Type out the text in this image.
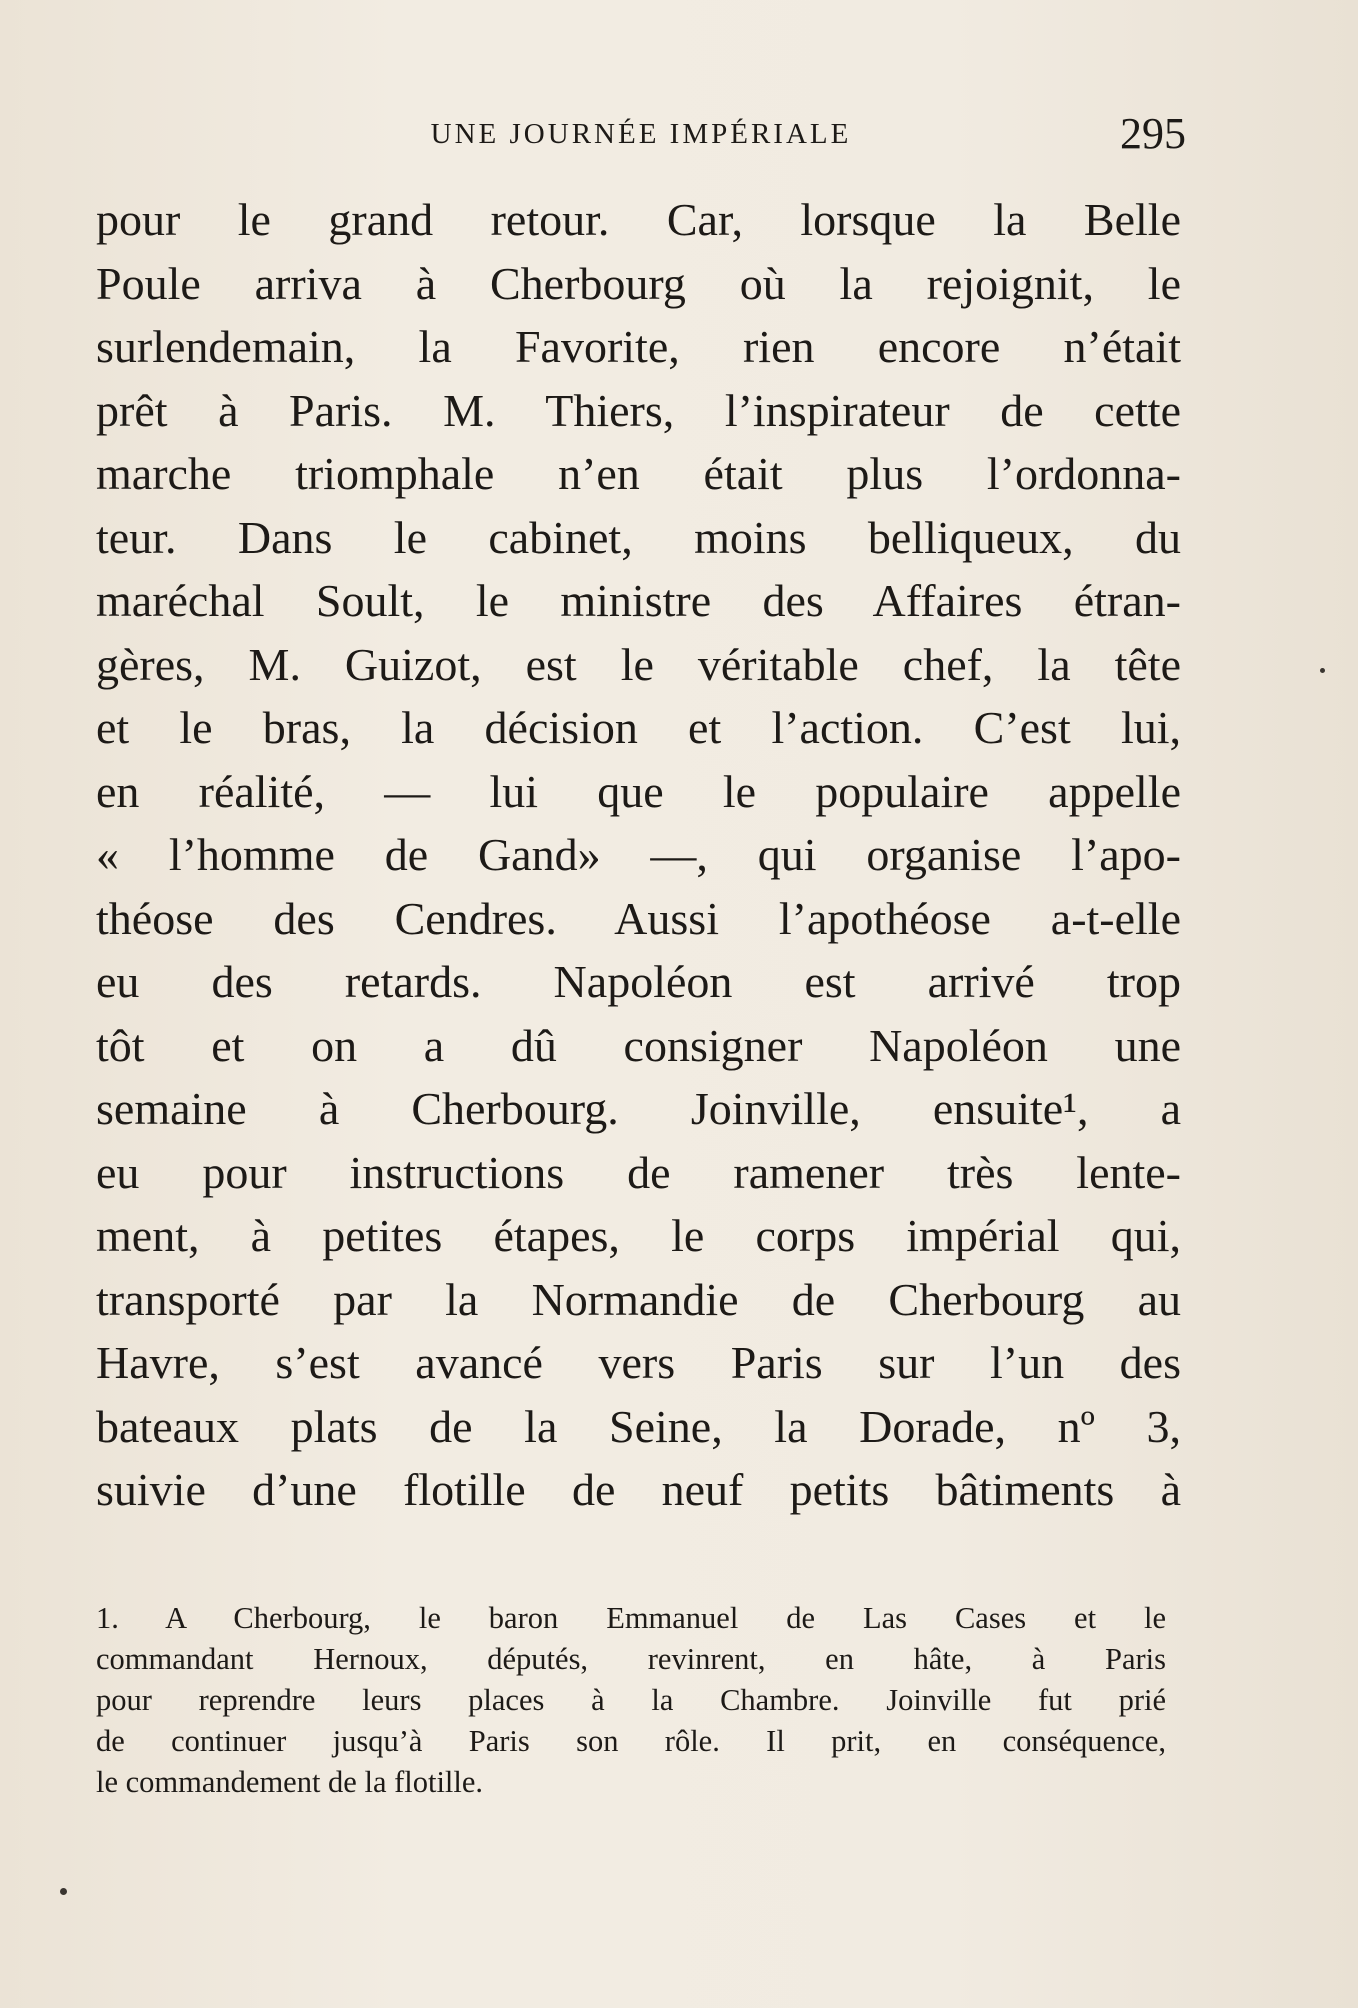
UNE JOURNÉE IMPÉRIALE	295
pour le grand retour. Car, lorsque la Belle
Poule arriva à Cherbourg où la rejoignit, le
surlendemain, la Favorite, rien encore n’était
prêt à Paris. M. Thiers, l’inspirateur de cette
marche triomphale n’en était plus l’ordonna-
teur. Dans le cabinet, moins belliqueux, du
maréchal Soult, le ministre des Affaires étran-
gères, M. Guizot, est le véritable chef, la tête
et le bras, la décision et l’action. C’est lui,
en réalité, — lui que le populaire appelle
« l’homme de Gand» —, qui organise l’apo-
théose des Cendres. Aussi l’apothéose a-t-elle
eu des retards. Napoléon est arrivé trop
tôt et on a dû consigner Napoléon une
semaine à Cherbourg. Joinville, ensuite¹, a
eu pour instructions de ramener très lente-
ment, à petites étapes, le corps impérial qui,
transporté par la Normandie de Cherbourg au
Havre, s’est avancé vers Paris sur l’un des
bateaux plats de la Seine, la Dorade, nº 3,
suivie d’une flotille de neuf petits bâtiments à
1. A Cherbourg, le baron Emmanuel de Las Cases et le
commandant Hernoux, députés, revinrent, en hâte, à Paris
pour reprendre leurs places à la Chambre. Joinville fut prié
de continuer jusqu’à Paris son rôle. Il prit, en conséquence,
le commandement de la flotille.
